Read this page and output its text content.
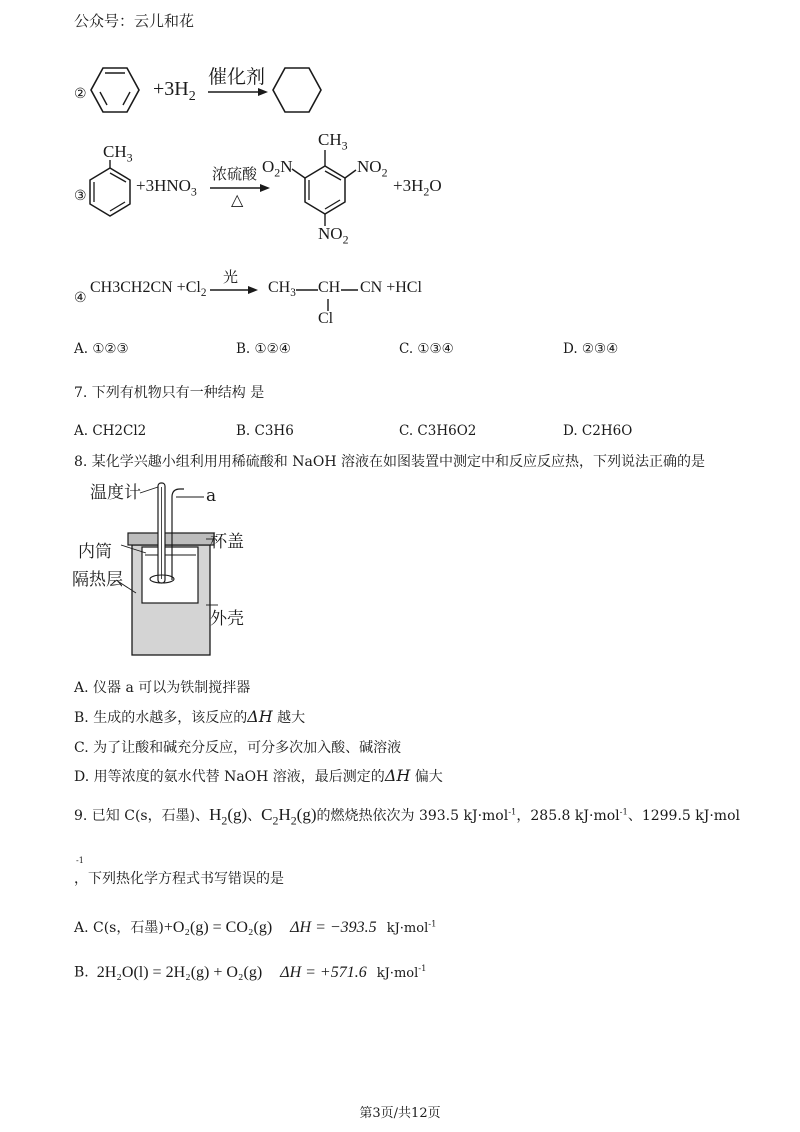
公众号：云儿和花
②	$+3H_2$
催化剂
③
$CH_3$
$+3HNO_3$
浓硫酸
△
$CH_3$
$O_2N$	$NO_2$
$NO_2$
$+3H_2O$
④
$CH3CH2CN +Cl_2$
光
$CH_3$ CH CN +HCl
Cl
A. ①②③	B. ①②④	C. ①③④	D. ②③④
7. 下列有机物只有一种结构 是
A. CH2Cl2	B. C3H6	C. C3H6O2	D. C2H6O
8. 某化学兴趣小组利用用稀硫酸和 NaOH 溶液在如图装置中测定中和反应反应热，下列说法正确的是
温度计	a
杯盖
内筒
隔热层
外壳
A. 仪器 a 可以为铁制搅拌器
B. 生成的水越多，该反应的ΔH 越大
C. 为了让酸和碱充分反应，可分多次加入酸、碱溶液
D. 用等浓度的氨水代替 NaOH 溶液，最后测定的ΔH 偏大
9. 已知 C(s，石墨)、$H_2(g)$、$C_2H_2(g)$的燃烧热依次为 393.5 kJ·mol$^{-1}$，285.8 kJ·mol$^{-1}$、1299.5 kJ·mol
-1
，下列热化学方程式书写错误的是
A. C(s，石墨)+O₂(g) = CO₂(g) ΔH = −393.5 kJ·mol$^{-1}$
B. 2H₂O(l) = 2H₂(g) + O₂(g) ΔH = +571.6 kJ·mol$^{-1}$
第3页/共12页
